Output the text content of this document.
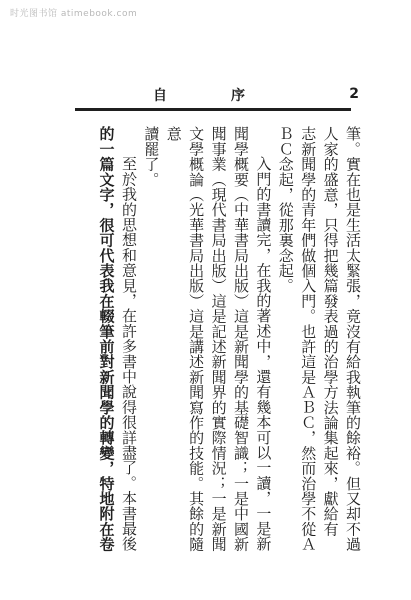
时光图书馆 atimebook.com
自序	2

筆。實在也是生活太緊張，竟沒有給我執筆的餘裕。但又却不過

人家的盛意，只得把幾篇發表過的治學方法論集起來，獻給有

志新聞學的青年們做個入門。也許這是ＡＢＣ，然而治學不從Ａ

ＢＣ念起，從那裏念起。

入門的書讀完，在我的著述中，還有幾本可以一讀，一是新

聞學概要（中華書局出版）這是新聞學的基礎智識；一是中國新

聞事業（現代書局出版）這是記述新聞界的實際情況；一是新聞

文學概論（光華書局出版）這是講述新聞寫作的技能。其餘的隨意

讀罷了。

至於我的思想和意見，在許多書中說得很詳盡了。本書最後

的一篇文字，很可代表我在輟筆前對新聞學的轉變，特地附在卷
